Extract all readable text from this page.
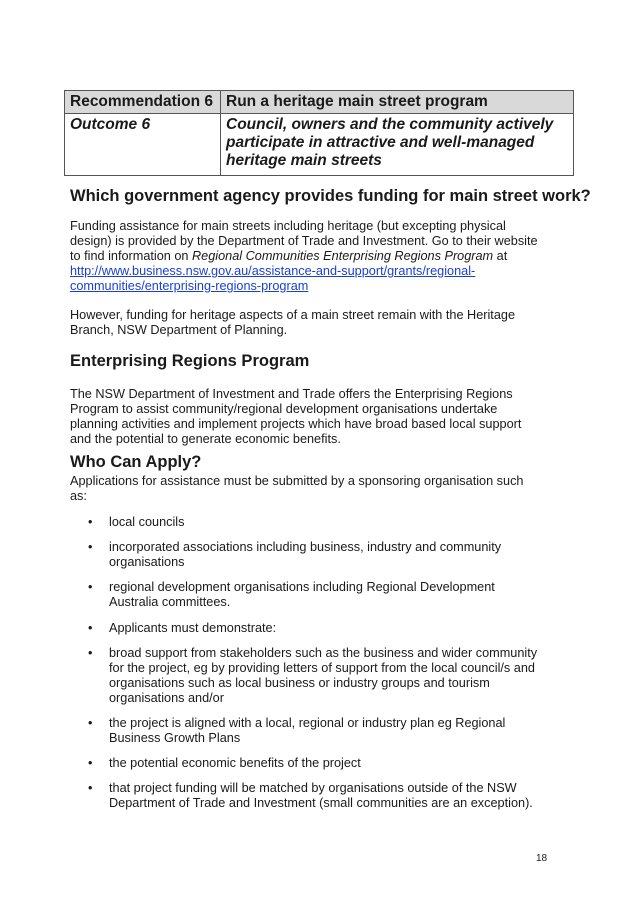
Recommendation 6	Run a heritage main street program
Outcome 6	Council, owners and the community actively
participate in attractive and well-managed
heritage main streets
Which government agency provides funding for main street work?

Funding assistance for main streets including heritage (but excepting physical
design) is provided by the Department of Trade and Investment. Go to their website
to find information on Regional Communities Enterprising Regions Program at
http://www.business.nsw.gov.au/assistance-and-support/grants/regional-
communities/enterprising-regions-program

However, funding for heritage aspects of a main street remain with the Heritage
Branch, NSW Department of Planning.

Enterprising Regions Program

The NSW Department of Investment and Trade offers the Enterprising Regions
Program to assist community/regional development organisations undertake
planning activities and implement projects which have broad based local support
and the potential to generate economic benefits.

Who Can Apply?

Applications for assistance must be submitted by a sponsoring organisation such
as:

• local councils
• incorporated associations including business, industry and community
organisations
• regional development organisations including Regional Development
Australia committees.
• Applicants must demonstrate:
• broad support from stakeholders such as the business and wider community
for the project, eg by providing letters of support from the local council/s and
organisations such as local business or industry groups and tourism
organisations and/or
• the project is aligned with a local, regional or industry plan eg Regional
Business Growth Plans
• the potential economic benefits of the project
• that project funding will be matched by organisations outside of the NSW
Department of Trade and Investment (small communities are an exception).
18
